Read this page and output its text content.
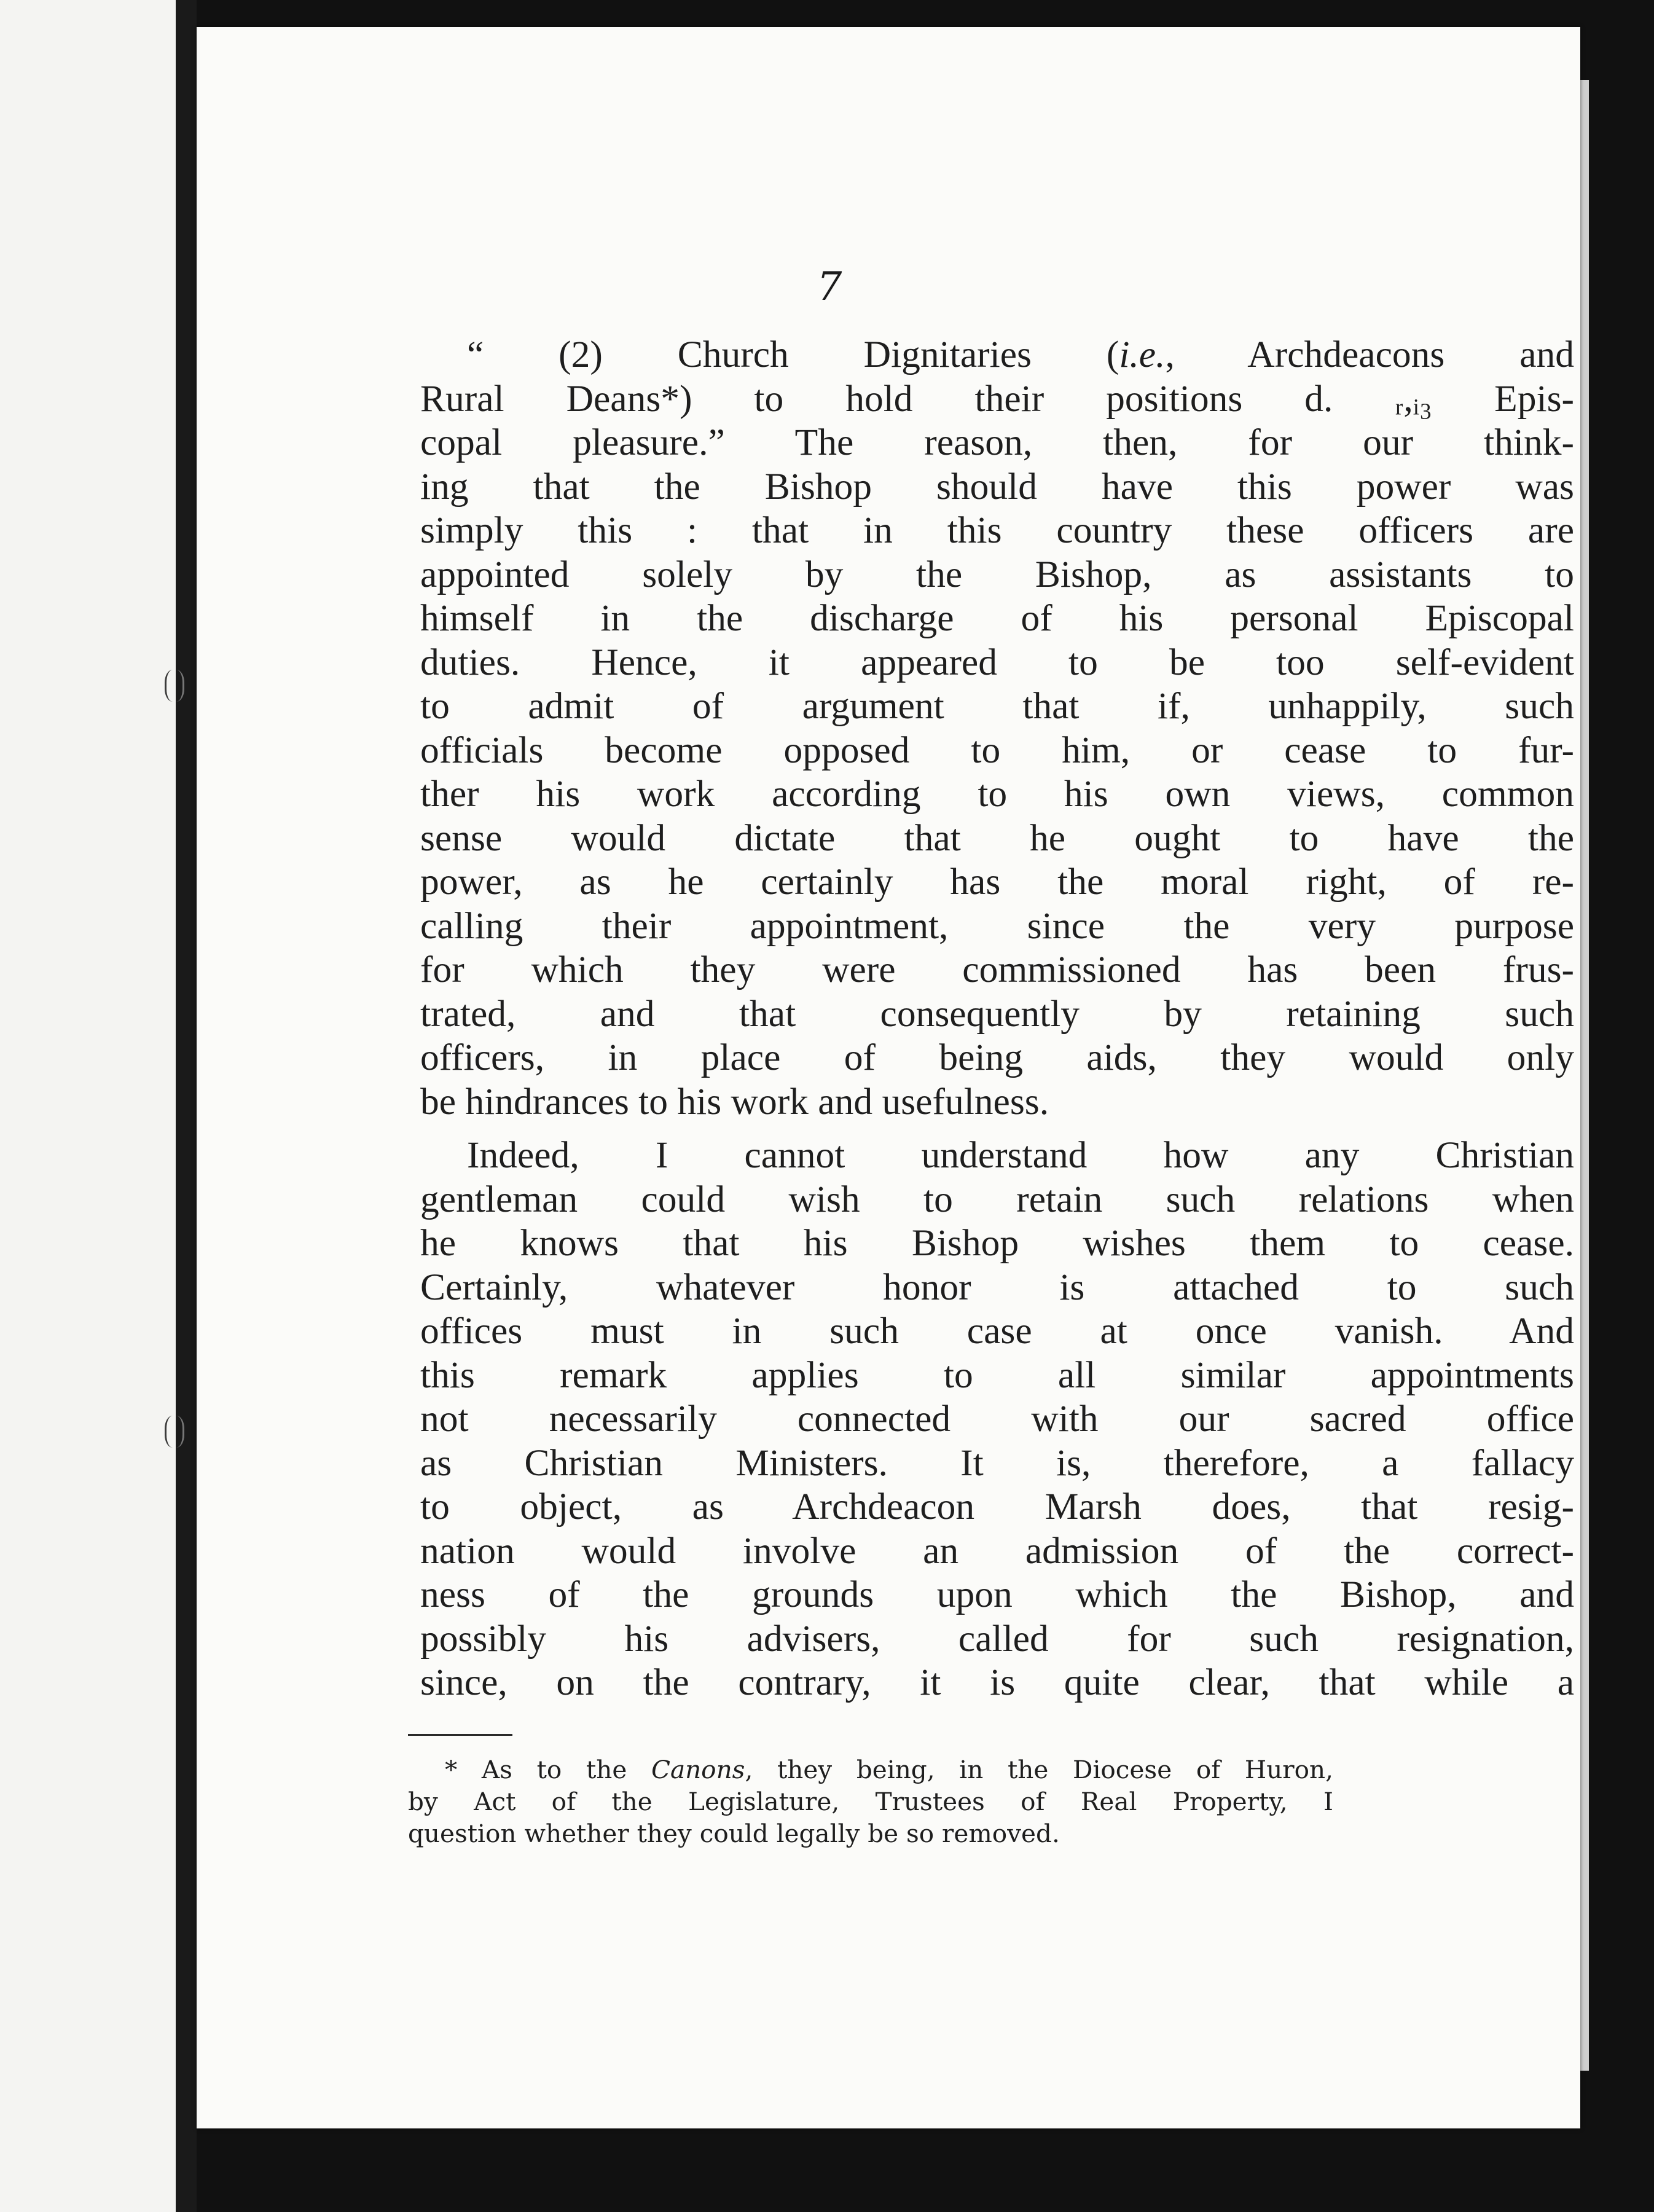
7

“ (2) Church Dignitaries (i.e., Archdeacons and
Rural Deans*) to hold their positions d. ᵣ,ᵢ₃ Epis-
copal pleasure.” The reason, then, for our think-
ing that the Bishop should have this power was
simply this : that in this country these officers are
appointed solely by the Bishop, as assistants to
himself in the discharge of his personal Episcopal
duties. Hence, it appeared to be too self-evident
to admit of argument that if, unhappily, such
officials become opposed to him, or cease to fur-
ther his work according to his own views, common
sense would dictate that he ought to have the
power, as he certainly has the moral right, of re-
calling their appointment, since the very purpose
for which they were commissioned has been frus-
trated, and that consequently by retaining such
officers, in place of being aids, they would only
be hindrances to his work and usefulness.

Indeed, I cannot understand how any Christian
gentleman could wish to retain such relations when
he knows that his Bishop wishes them to cease.
Certainly, whatever honor is attached to such
offices must in such case at once vanish. And
this remark applies to all similar appointments
not necessarily connected with our sacred office
as Christian Ministers. It is, therefore, a fallacy
to object, as Archdeacon Marsh does, that resig-
nation would involve an admission of the correct-
ness of the grounds upon which the Bishop, and
possibly his advisers, called for such resignation,
since, on the contrary, it is quite clear, that while a

* As to the Canons, they being, in the Diocese of Huron,
by Act of the Legislature, Trustees of Real Property, I
question whether they could legally be so removed.
